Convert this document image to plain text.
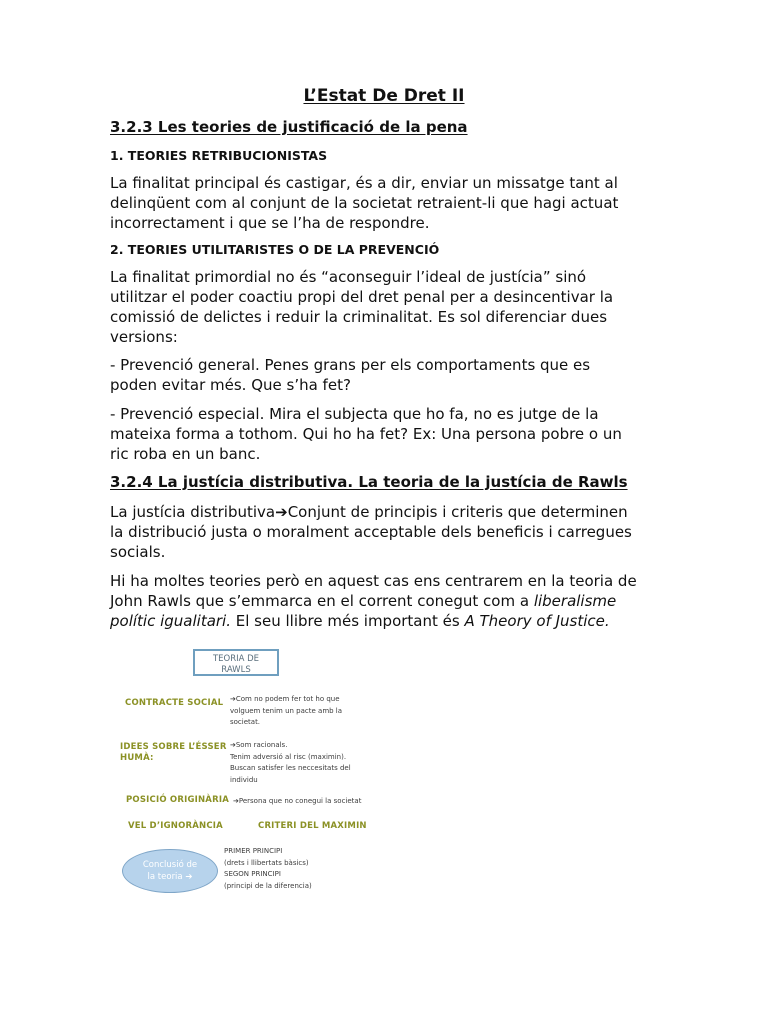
L’Estat De Dret II
3.2.3 Les teories de justificació de la pena
1. TEORIES RETRIBUCIONISTAS
La finalitat principal és castigar, és a dir, enviar un missatge tant al
delinqüent com al conjunt de la societat retraient-li que hagi actuat
incorrectament i que se l’ha de respondre.
2. TEORIES UTILITARISTES O DE LA PREVENCIÓ
La finalitat primordial no és “aconseguir l’ideal de justícia” sinó
utilitzar el poder coactiu propi del dret penal per a desincentivar la
comissió de delictes i reduir la criminalitat. Es sol diferenciar dues
versions:
- Prevenció general. Penes grans per els comportaments que es
poden evitar més. Que s’ha fet?
- Prevenció especial. Mira el subjecta que ho fa, no es jutge de la
mateixa forma a tothom. Qui ho ha fet? Ex: Una persona pobre o un
ric roba en un banc.
3.2.4 La justícia distributiva. La teoria de la justícia de Rawls
La justícia distributiva➔Conjunt de principis i criteris que determinen
la distribució justa o moralment acceptable dels beneficis i carregues
socials.
Hi ha moltes teories però en aquest cas ens centrarem en la teoria de
John Rawls que s’emmarca en el corrent conegut com a liberalisme
polític igualitari. El seu llibre més important és A Theory of Justice.
TEORIA DE
RAWLS
CONTRACTE SOCIAL ➔Com no podem fer tot ho que
volguem tenim un pacte amb la
societat.
IDEES SOBRE L’ÉSSER
HUMÀ:
➔Som racionals.
Tenim adversió al risc (maximin).
Buscan satisfer les neccesitats del
individu
POSICIÓ ORIGINÀRIA ➔Persona que no conegui la societat
VEL D’IGNORÀNCIA	CRITERI DEL MAXIMIN
Conclusió de
la teoria ➔
PRIMER PRINCIPI
(drets i llibertats bàsics)
SEGON PRINCIPI
(principi de la diferencia)
